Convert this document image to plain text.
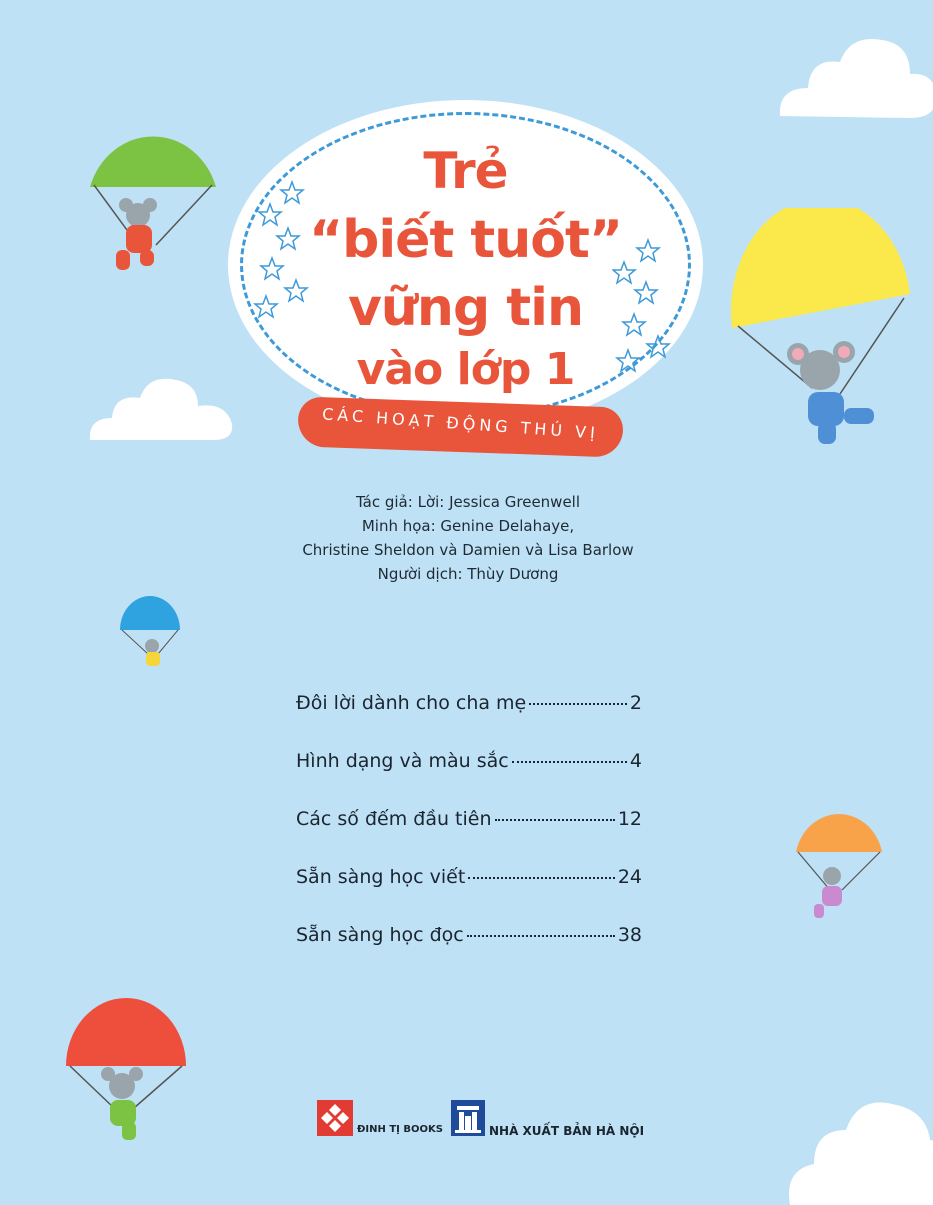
Trẻ
“biết tuốt”
vững tin
vào lớp 1
CÁC HOẠT ĐỘNG THÚ VỊ
Tác giả: Lời: Jessica Greenwell
Minh họa: Genine Delahaye,
Christine Sheldon và Damien và Lisa Barlow
Người dịch: Thùy Dương
Đôi lời dành cho cha mẹ	2
Hình dạng và màu sắc	4
Các số đếm đầu tiên	12
Sẵn sàng học viết	24
Sẵn sàng học đọc	38
ĐINH TỊ BOOKS	NHÀ XUẤT BẢN HÀ NỘI
